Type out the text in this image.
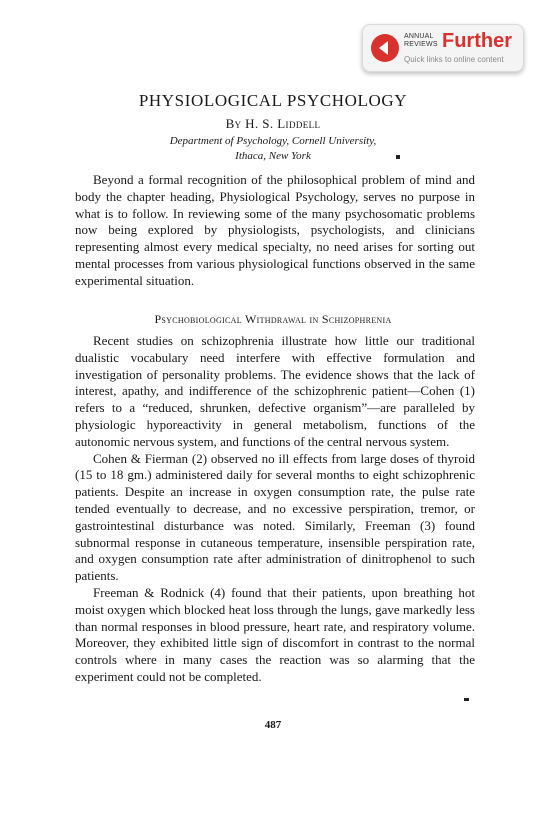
ANNUAL
REVIEWS Further
Quick links to online content
PHYSIOLOGICAL PSYCHOLOGY
By H. S. Liddell
Department of Psychology, Cornell University,
Ithaca, New York

Beyond a formal recognition of the philosophical problem of mind and body the chapter heading, Physiological Psychology, serves no purpose in what is to follow. In reviewing some of the many psychosomatic problems now being explored by physiologists, psychologists, and clinicians representing almost every medical specialty, no need arises for sorting out mental processes from various physiological functions observed in the same experimental situation.

Psychobiological Withdrawal in Schizophrenia

Recent studies on schizophrenia illustrate how little our traditional dualistic vocabulary need interfere with effective formulation and investigation of personality problems. The evidence shows that the lack of interest, apathy, and indifference of the schizophrenic patient—Cohen (1) refers to a “reduced, shrunken, defective organism”—are paralleled by physiologic hyporeactivity in general metabolism, functions of the autonomic nervous system, and functions of the central nervous system.

Cohen & Fierman (2) observed no ill effects from large doses of thyroid (15 to 18 gm.) administered daily for several months to eight schizophrenic patients. Despite an increase in oxygen consumption rate, the pulse rate tended eventually to decrease, and no excessive perspiration, tremor, or gastrointestinal disturbance was noted. Similarly, Freeman (3) found subnormal response in cutaneous temperature, insensible perspiration rate, and oxygen consumption rate after administration of dinitrophenol to such patients.

Freeman & Rodnick (4) found that their patients, upon breathing hot moist oxygen which blocked heat loss through the lungs, gave markedly less than normal responses in blood pressure, heart rate, and respiratory volume. Moreover, they exhibited little sign of discomfort in contrast to the normal controls where in many cases the reaction was so alarming that the experiment could not be completed.

487
